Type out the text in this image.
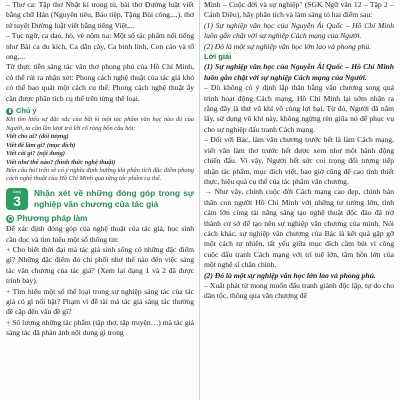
– Thơ ca: Tập thơ Nhật kí trong tù, bài thơ Đường luật viết bằng chữ Hán (Nguyên tiêu, Báo tiệp, Tặng Bùi công,...), thơ tứ tuyệt Đường luật viết bằng tiếng Việt,...

– Tục ngữ, ca dao, hò, vè nôm na: Một số tác phẩm nổi tiếng như Bài ca du kích, Ca dân cày, Ca binh lính, Con cáo và tổ ong,...

Từ thực tiễn sáng tác văn thơ phong phú của Hồ Chí Minh, có thể rút ra nhận xét: Phong cách nghệ thuật của tác giả khó có thể bao quát một cách cụ thể. Phong cách nghệ thuật ấy cần được phân tích cụ thể trên từng thể loại.

Chú ý

Khi tìm hiểu sự đặc sắc của bất kì một tác phẩm văn học nào đó của Người, ta cần lần lượt trả lời rõ ràng bốn câu hỏi:

Viết cho ai? (đối tượng)

Viết để làm gì? (mục đích)

Viết cái gì? (nội dung)

Viết như thế nào? (hình thức nghệ thuật)

Bốn câu hỏi trên sẽ có ý nghĩa định hướng khi phân tích đặc điểm phong cách nghệ thuật của Hồ Chí Minh qua từng tác phẩm cụ thể.

Dạng
3 Nhận xét về những đóng góp trong sự nghiệp văn chương của tác giả
Phương pháp làm

Để xác định đóng góp của nghệ thuật của tác giả, học sinh cần đọc và tìm hiểu một số thông tin:

+ Cho biết thời đại mà tác giả sinh sống có những đặc điểm gì? Những đặc điểm đó chi phối như thế nào đến việc sáng tác văn chương của tác giả? (Xem lại dạng 1 và 2 đã được trình bày).

+ Tìm hiểu một số thể loại trong sự nghiệp sáng tác của tác giả có gì nổi bật? Phạm vi đề tài mà tác giả sáng tác thường đề cập đến vấn đề gì?

+ Số lượng những tác phẩm (tập thơ, tập truyện…) mà tác giả sáng tác đã phản ánh nội dung gì trong

Minh – Cuộc đời và sự nghiệp" (SGK Ngữ văn 12 – Tập 2 – Cánh Diều), hãy phân tích và làm sáng tỏ hai điểm sau:

(1) Sự nghiệp văn học của Nguyễn Ái Quốc – Hồ Chí Minh luôn gắn chặt với sự nghiệp Cách mạng của Người.

(2) Đó là một sự nghiệp văn học lớn lao và phong phú.

Lời giải

(1) Sự nghiệp văn học của Nguyễn Ái Quốc – Hồ Chí Minh luôn gắn chặt với sự nghiệp Cách mạng của Người.

– Dù không có ý định lập thân bằng văn chương song quá trình hoạt động Cách mạng, Hồ Chí Minh lại sớm nhận ra rằng đây là thứ vũ khí vô cùng lợi hại. Từ đó, Người đã nắm lấy, sử dụng vũ khí này, không ngừng rèn giũa nó để phục vụ cho sự nghiệp đấu tranh Cách mạng.

– Đối với Bác, làm văn chương trước hết là làm Cách mạng, viết văn làm thơ trước hết được xem như một hành động chiến đấu. Vì vậy, Người hết sức coi trọng đối tượng tiếp nhận tác phẩm, mục đích viết, bao giờ cũng để cao tính thiết thực, hiệu quả cụ thể của tác phẩm văn chương.

→ Như vậy, chính cuộc đời Cách mạng cao đẹp, chính bản thân con người Hồ Chí Minh với những tư tưởng lớn, tình cảm lớn cùng tài năng sáng tạo nghệ thuật độc đáo đã trở thành cơ sở để tạo nên sự nghiệp văn chương của mình. Nói cách khác, sự nghiệp văn chương của Bác là kết quả gặp gỡ một cách tự nhiên, tất yếu giữa mục đích cầm bút vì công cuộc đấu tranh Cách mạng với trí tuệ lớn, tâm hồn lớn của một nghệ sĩ chân chính.

(2) Đó là một sự nghiệp văn học lớn lao và phong phú.

– Xuất phát từ mong muốn đấu tranh giành độc lập, tự do cho dân tộc, thông qua văn chương để
